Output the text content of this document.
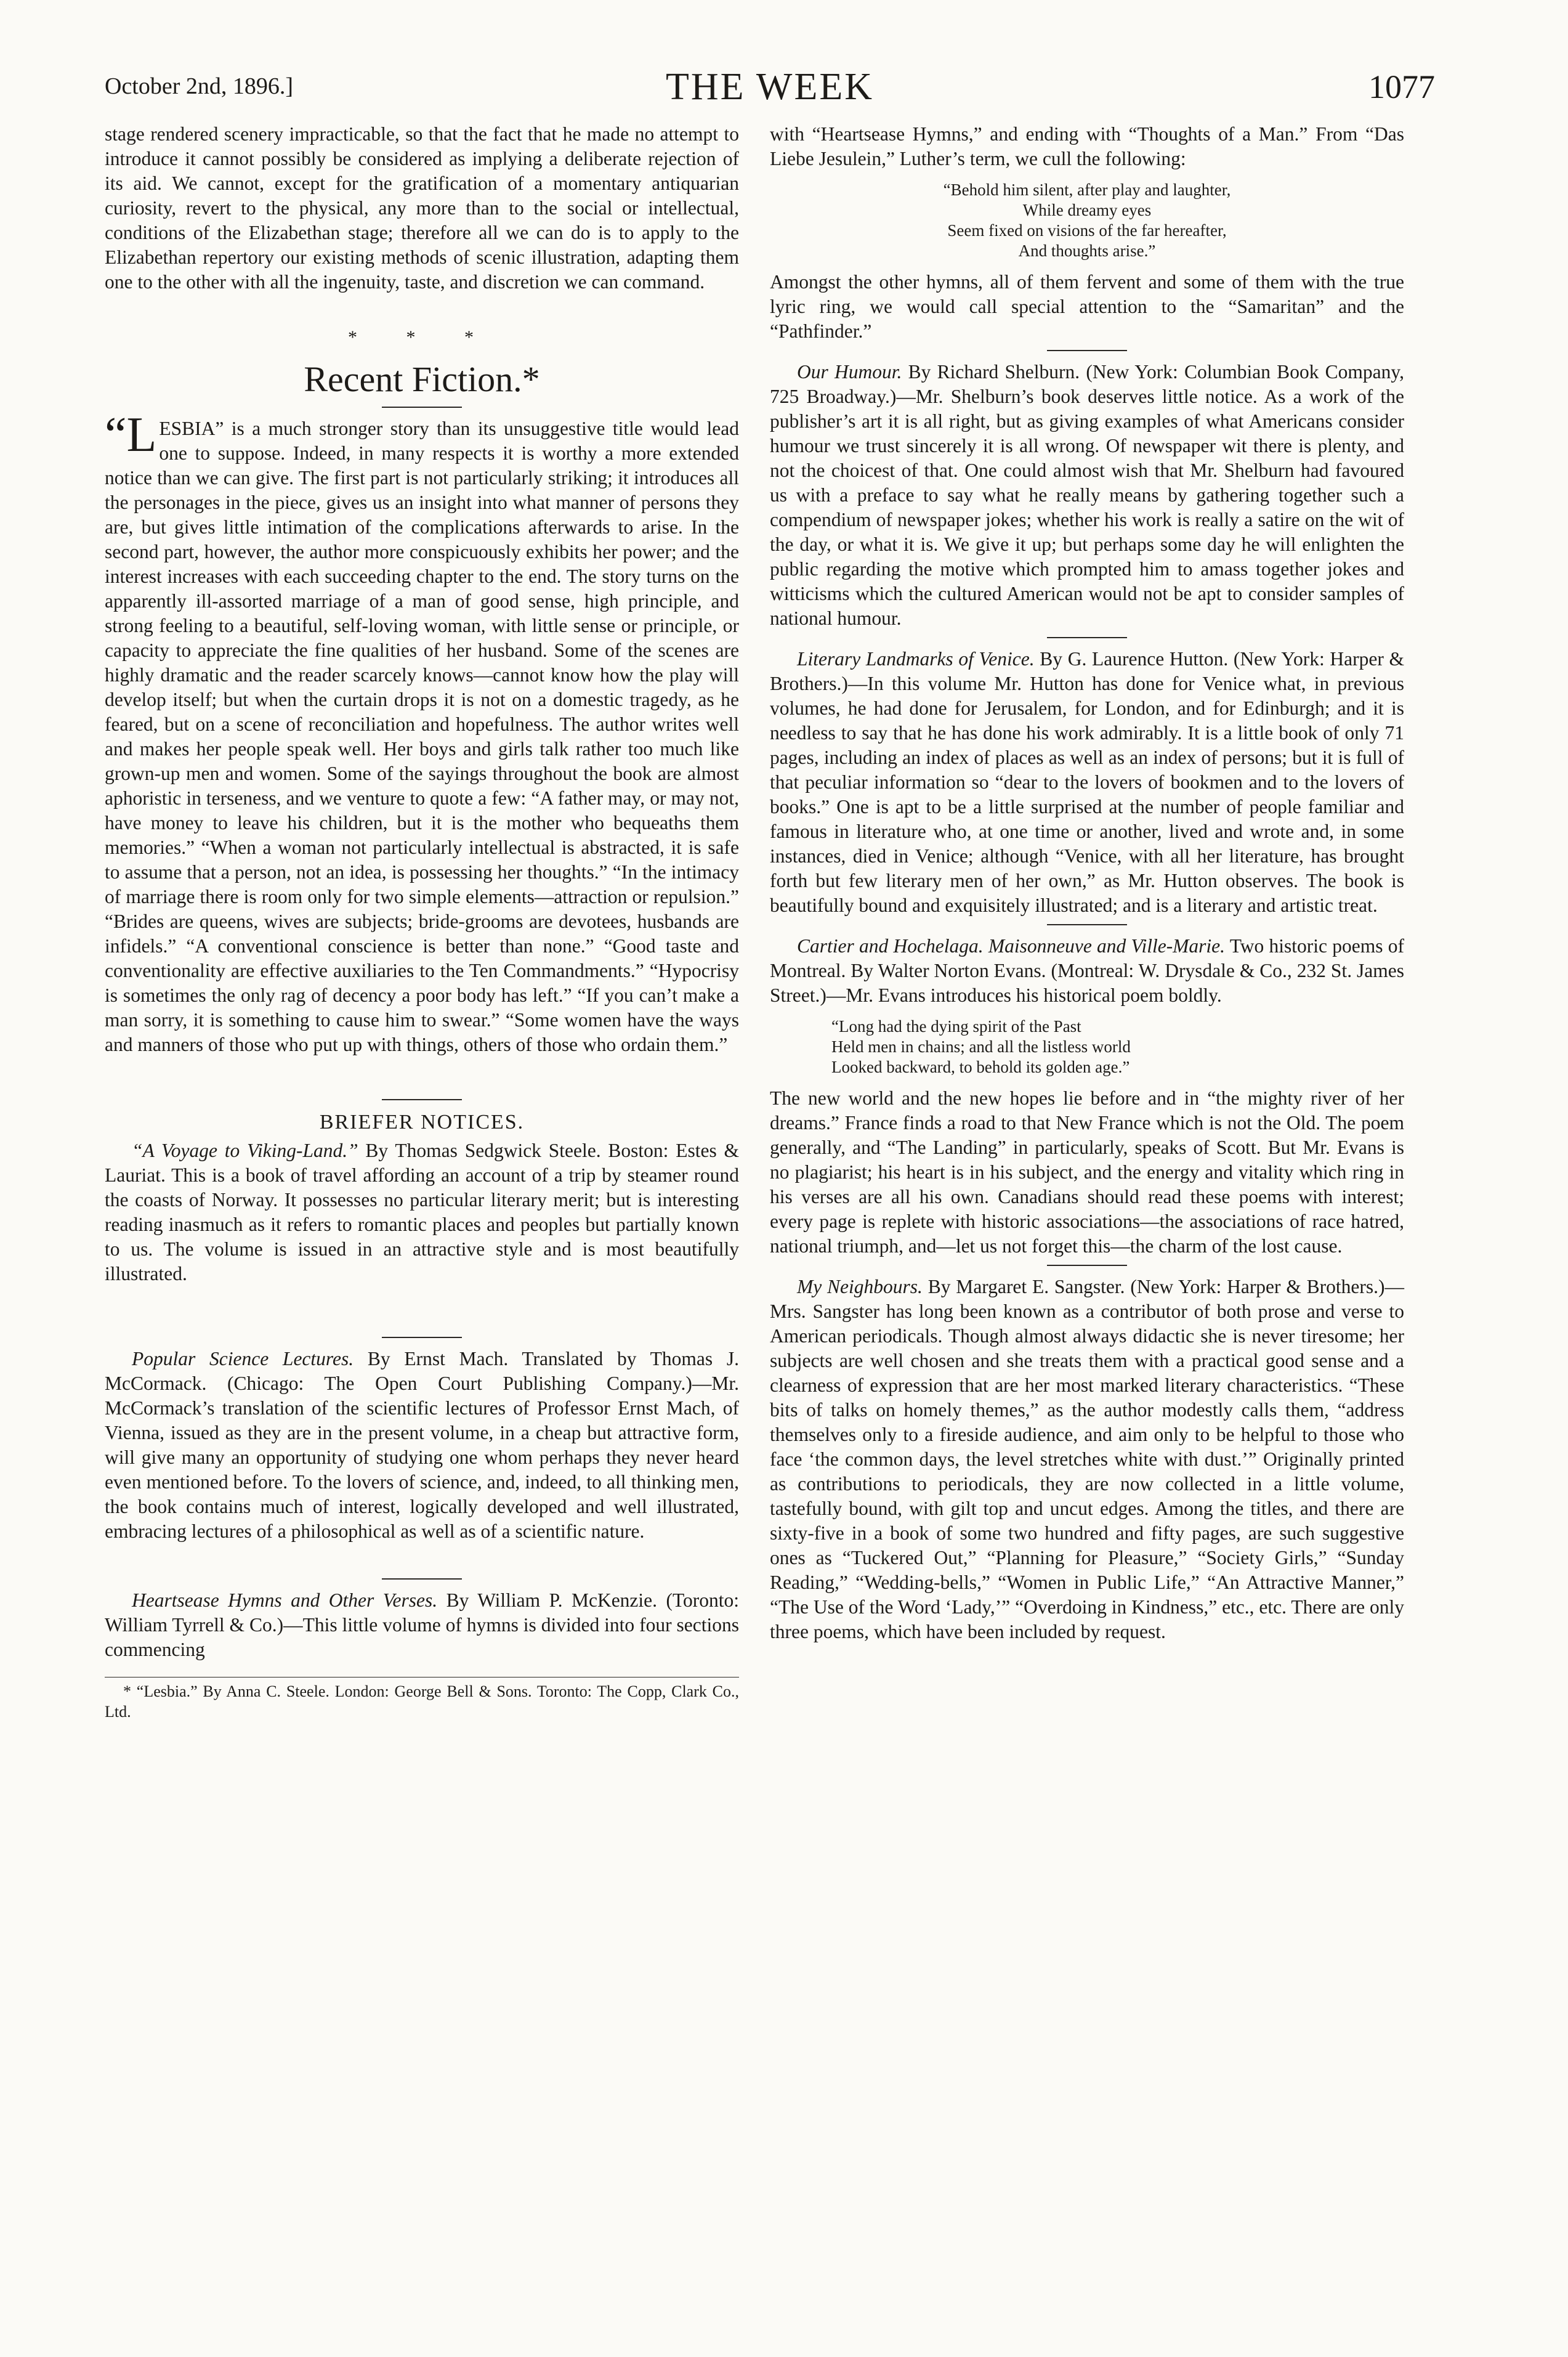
October 2nd, 1896.]	THE WEEK	1077

stage rendered scenery impracticable, so that the fact that he made no attempt to introduce it cannot possibly be considered as implying a deliberate rejection of its aid. We cannot, except for the gratification of a momentary antiquarian curiosity, revert to the physical, any more than to the social or intellectual, conditions of the Elizabethan stage; therefore all we can do is to apply to the Elizabethan repertory our existing methods of scenic illustration, adapting them one to the other with all the ingenuity, taste, and discretion we can command.

* * *
Recent Fiction.*

“LESBIA” is a much stronger story than its unsuggestive title would lead one to suppose. Indeed, in many respects it is worthy a more extended notice than we can give. The first part is not particularly striking; it introduces all the personages in the piece, gives us an insight into what manner of persons they are, but gives little intimation of the complications afterwards to arise. In the second part, however, the author more conspicuously exhibits her power; and the interest increases with each succeeding chapter to the end. The story turns on the apparently ill-assorted marriage of a man of good sense, high principle, and strong feeling to a beautiful, self-loving woman, with little sense or principle, or capacity to appreciate the fine qualities of her husband. Some of the scenes are highly dramatic and the reader scarcely knows—cannot know how the play will develop itself; but when the curtain drops it is not on a domestic tragedy, as he feared, but on a scene of reconciliation and hopefulness. The author writes well and makes her people speak well. Her boys and girls talk rather too much like grown-up men and women. Some of the sayings throughout the book are almost aphoristic in terseness, and we venture to quote a few: “A father may, or may not, have money to leave his children, but it is the mother who bequeaths them memories.” “When a woman not particularly intellectual is abstracted, it is safe to assume that a person, not an idea, is possessing her thoughts.” “In the intimacy of marriage there is room only for two simple elements—attraction or repulsion.” “Brides are queens, wives are subjects; bride-grooms are devotees, husbands are infidels.” “A conventional conscience is better than none.” “Good taste and conventionality are effective auxiliaries to the Ten Commandments.” “Hypocrisy is sometimes the only rag of decency a poor body has left.” “If you can’t make a man sorry, it is something to cause him to swear.” “Some women have the ways and manners of those who put up with things, others of those who ordain them.”

BRIEFER NOTICES.

“A Voyage to Viking-Land.” By Thomas Sedgwick Steele. Boston: Estes & Lauriat. This is a book of travel affording an account of a trip by steamer round the coasts of Norway. It possesses no particular literary merit; but is interesting reading inasmuch as it refers to romantic places and peoples but partially known to us. The volume is issued in an attractive style and is most beautifully illustrated.

Popular Science Lectures. By Ernst Mach. Translated by Thomas J. McCormack. (Chicago: The Open Court Publishing Company.)—Mr. McCormack’s translation of the scientific lectures of Professor Ernst Mach, of Vienna, issued as they are in the present volume, in a cheap but attractive form, will give many an opportunity of studying one whom perhaps they never heard even mentioned before. To the lovers of science, and, indeed, to all thinking men, the book contains much of interest, logically developed and well illustrated, embracing lectures of a philosophical as well as of a scientific nature.

Heartsease Hymns and Other Verses. By William P. McKenzie. (Toronto: William Tyrrell & Co.)—This little volume of hymns is divided into four sections commencing

* “Lesbia.” By Anna C. Steele. London: George Bell & Sons. Toronto: The Copp, Clark Co., Ltd.

with “Heartsease Hymns,” and ending with “Thoughts of a Man.” From “Das Liebe Jesulein,” Luther’s term, we cull the following:

“Behold him silent, after play and laughter,
While dreamy eyes
Seem fixed on visions of the far hereafter,
And thoughts arise.”

Amongst the other hymns, all of them fervent and some of them with the true lyric ring, we would call special attention to the “Samaritan” and the “Pathfinder.”

Our Humour. By Richard Shelburn. (New York: Columbian Book Company, 725 Broadway.)—Mr. Shelburn’s book deserves little notice. As a work of the publisher’s art it is all right, but as giving examples of what Americans consider humour we trust sincerely it is all wrong. Of newspaper wit there is plenty, and not the choicest of that. One could almost wish that Mr. Shelburn had favoured us with a preface to say what he really means by gathering together such a compendium of newspaper jokes; whether his work is really a satire on the wit of the day, or what it is. We give it up; but perhaps some day he will enlighten the public regarding the motive which prompted him to amass together jokes and witticisms which the cultured American would not be apt to consider samples of national humour.

Literary Landmarks of Venice. By G. Laurence Hutton. (New York: Harper & Brothers.)—In this volume Mr. Hutton has done for Venice what, in previous volumes, he had done for Jerusalem, for London, and for Edinburgh; and it is needless to say that he has done his work admirably. It is a little book of only 71 pages, including an index of places as well as an index of persons; but it is full of that peculiar information so “dear to the lovers of bookmen and to the lovers of books.” One is apt to be a little surprised at the number of people familiar and famous in literature who, at one time or another, lived and wrote and, in some instances, died in Venice; although “Venice, with all her literature, has brought forth but few literary men of her own,” as Mr. Hutton observes. The book is beautifully bound and exquisitely illustrated; and is a literary and artistic treat.

Cartier and Hochelaga. Maisonneuve and Ville-Marie. Two historic poems of Montreal. By Walter Norton Evans. (Montreal: W. Drysdale & Co., 232 St. James Street.)—Mr. Evans introduces his historical poem boldly.

“Long had the dying spirit of the Past
Held men in chains; and all the listless world
Looked backward, to behold its golden age.”

The new world and the new hopes lie before and in “the mighty river of her dreams.” France finds a road to that New France which is not the Old. The poem generally, and “The Landing” in particularly, speaks of Scott. But Mr. Evans is no plagiarist; his heart is in his subject, and the energy and vitality which ring in his verses are all his own. Canadians should read these poems with interest; every page is replete with historic associations—the associations of race hatred, national triumph, and—let us not forget this—the charm of the lost cause.

My Neighbours. By Margaret E. Sangster. (New York: Harper & Brothers.)—Mrs. Sangster has long been known as a contributor of both prose and verse to American periodicals. Though almost always didactic she is never tiresome; her subjects are well chosen and she treats them with a practical good sense and a clearness of expression that are her most marked literary characteristics. “These bits of talks on homely themes,” as the author modestly calls them, “address themselves only to a fireside audience, and aim only to be helpful to those who face ‘the common days, the level stretches white with dust.’” Originally printed as contributions to periodicals, they are now collected in a little volume, tastefully bound, with gilt top and uncut edges. Among the titles, and there are sixty-five in a book of some two hundred and fifty pages, are such suggestive ones as “Tuckered Out,” “Planning for Pleasure,” “Society Girls,” “Sunday Reading,” “Wedding-bells,” “Women in Public Life,” “An Attractive Manner,” “The Use of the Word ‘Lady,’” “Overdoing in Kindness,” etc., etc. There are only three poems, which have been included by request.
